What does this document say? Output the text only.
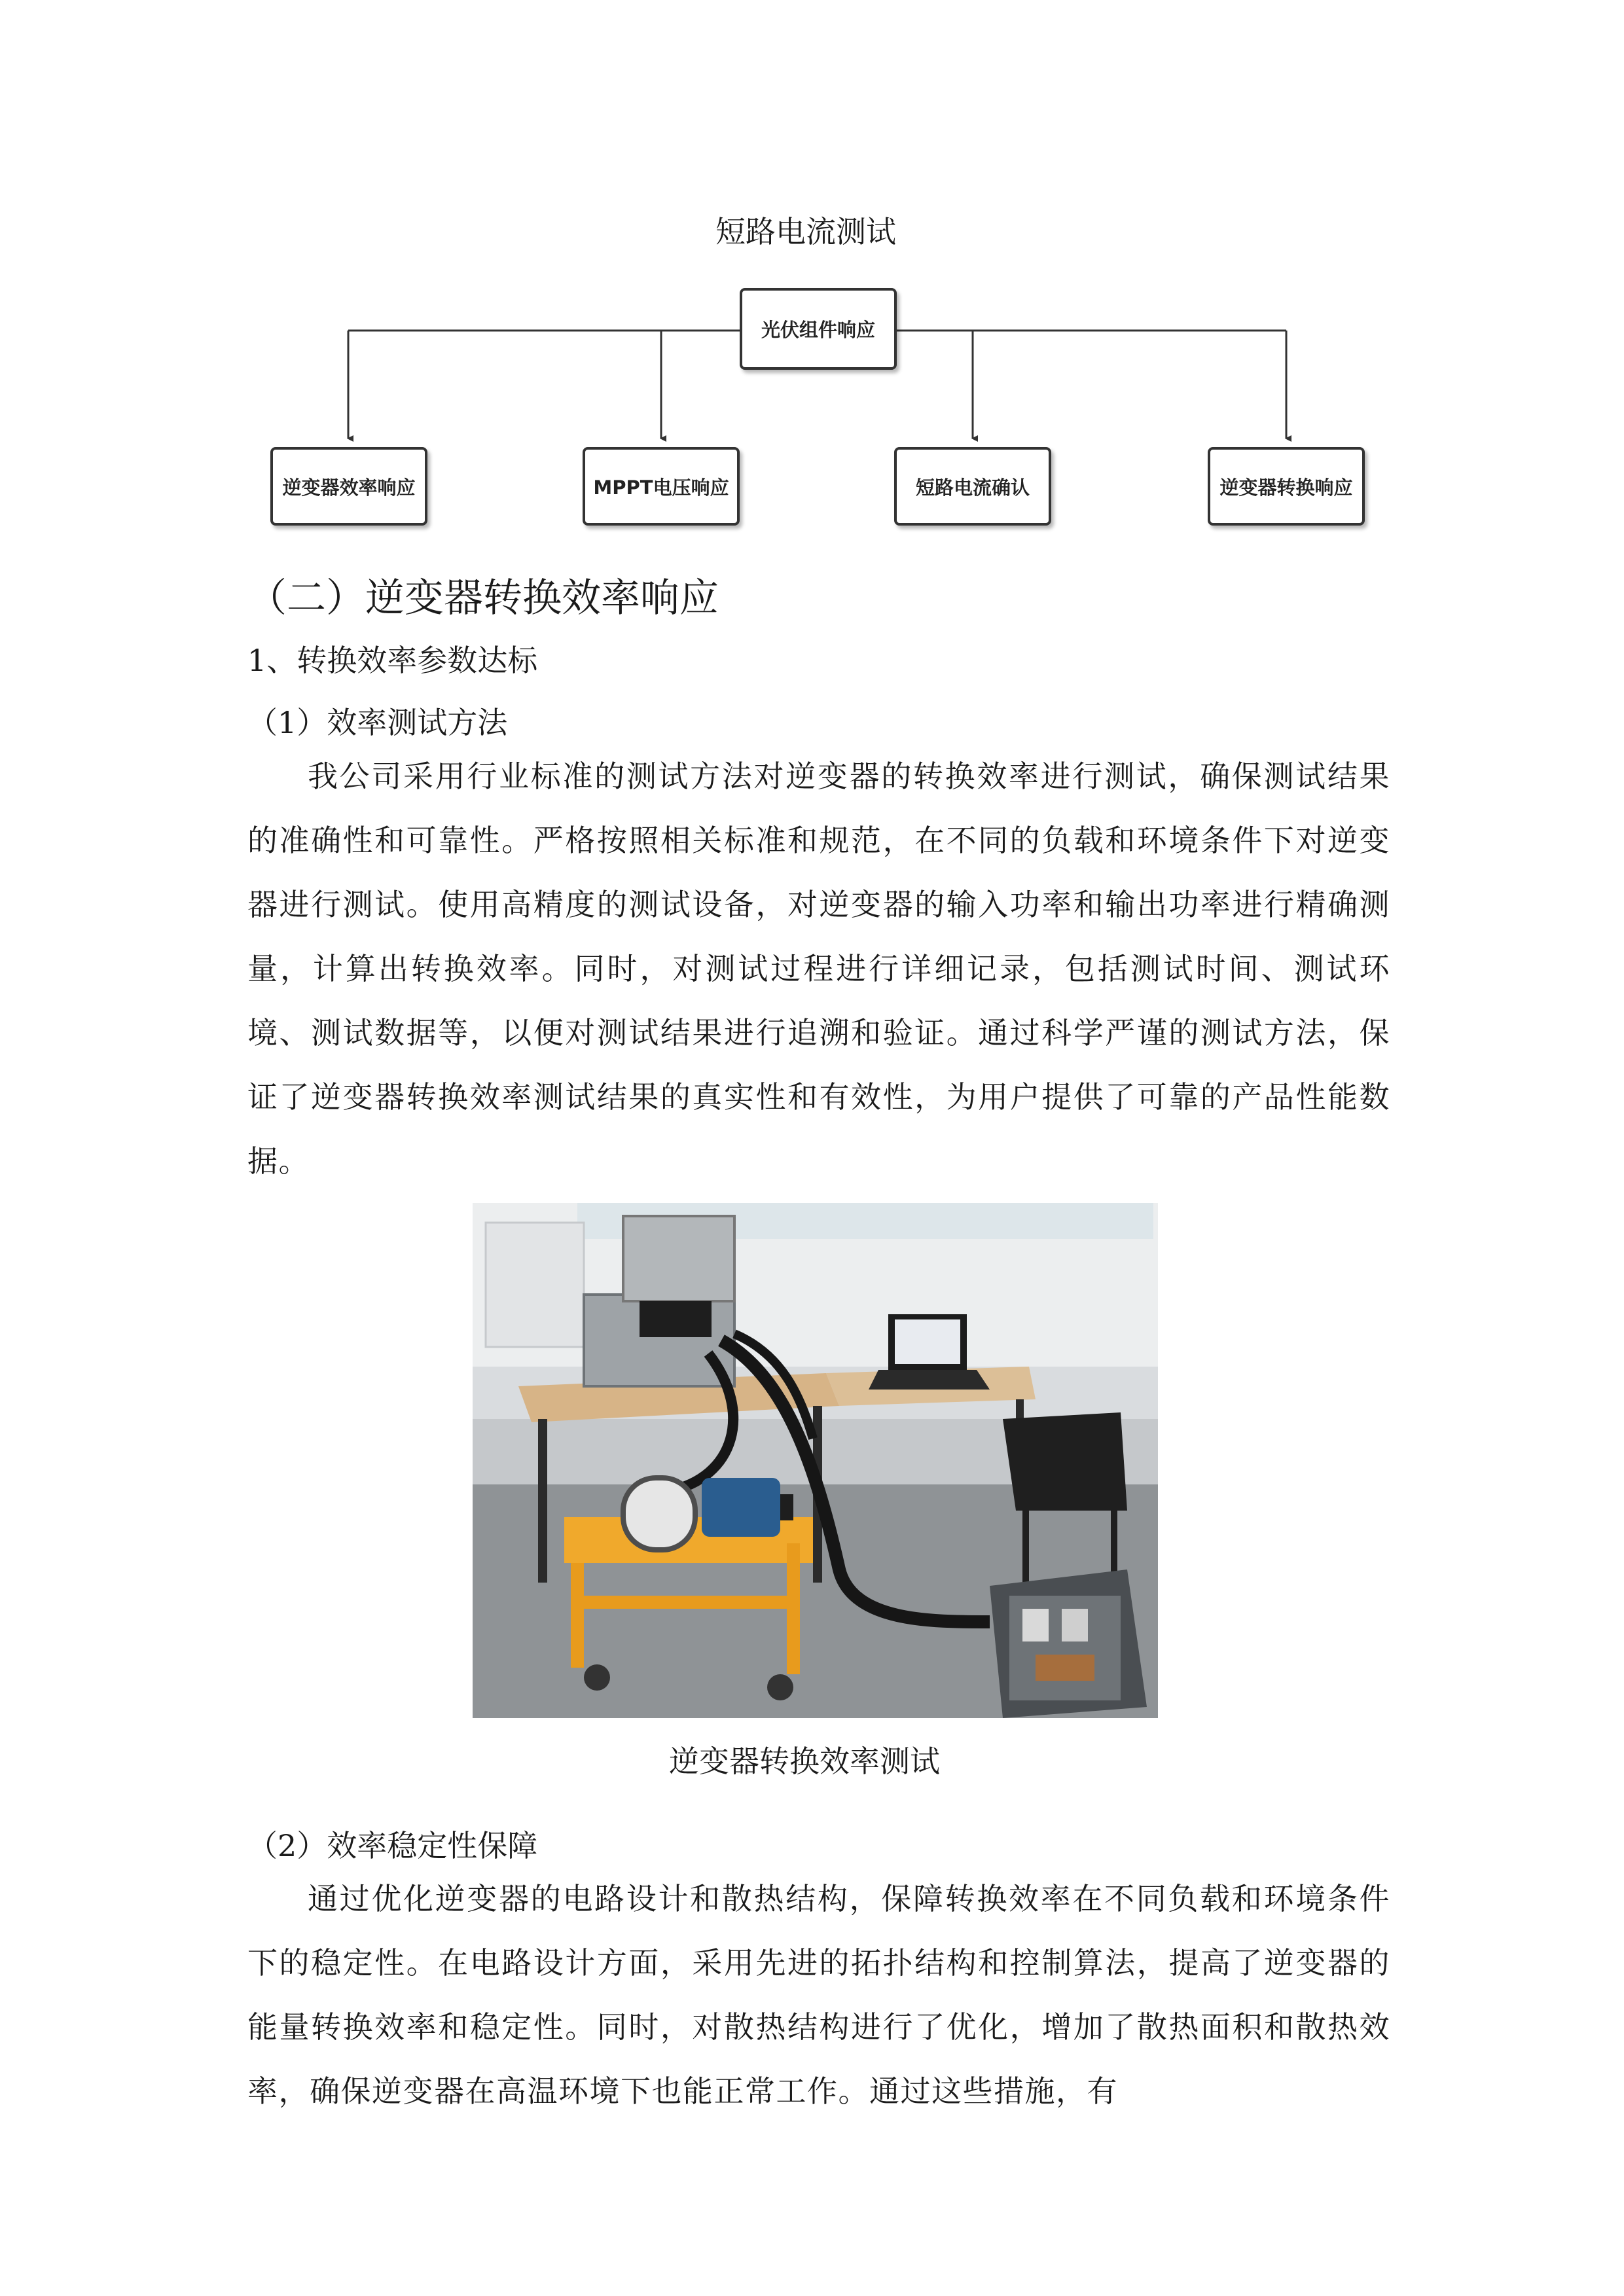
短路电流测试
光伏组件响应
逆变器效率响应	MPPT电压响应	短路电流确认	逆变器转换响应
（二）逆变器转换效率响应
1、转换效率参数达标
（1）效率测试方法

我公司采用行业标准的测试方法对逆变器的转换效率进行测试，确保测试结果的准确性和可靠性。严格按照相关标准和规范，在不同的负载和环境条件下对逆变器进行测试。使用高精度的测试设备，对逆变器的输入功率和输出功率进行精确测量，计算出转换效率。同时，对测试过程进行详细记录，包括测试时间、测试环境、测试数据等，以便对测试结果进行追溯和验证。通过科学严谨的测试方法，保证了逆变器转换效率测试结果的真实性和有效性，为用户提供了可靠的产品性能数据。

逆变器转换效率测试
（2）效率稳定性保障

通过优化逆变器的电路设计和散热结构，保障转换效率在不同负载和环境条件下的稳定性。在电路设计方面，采用先进的拓扑结构和控制算法，提高了逆变器的能量转换效率和稳定性。同时，对散热结构进行了优化，增加了散热面积和散热效率，确保逆变器在高温环境下也能正常工作。通过这些措施，有
